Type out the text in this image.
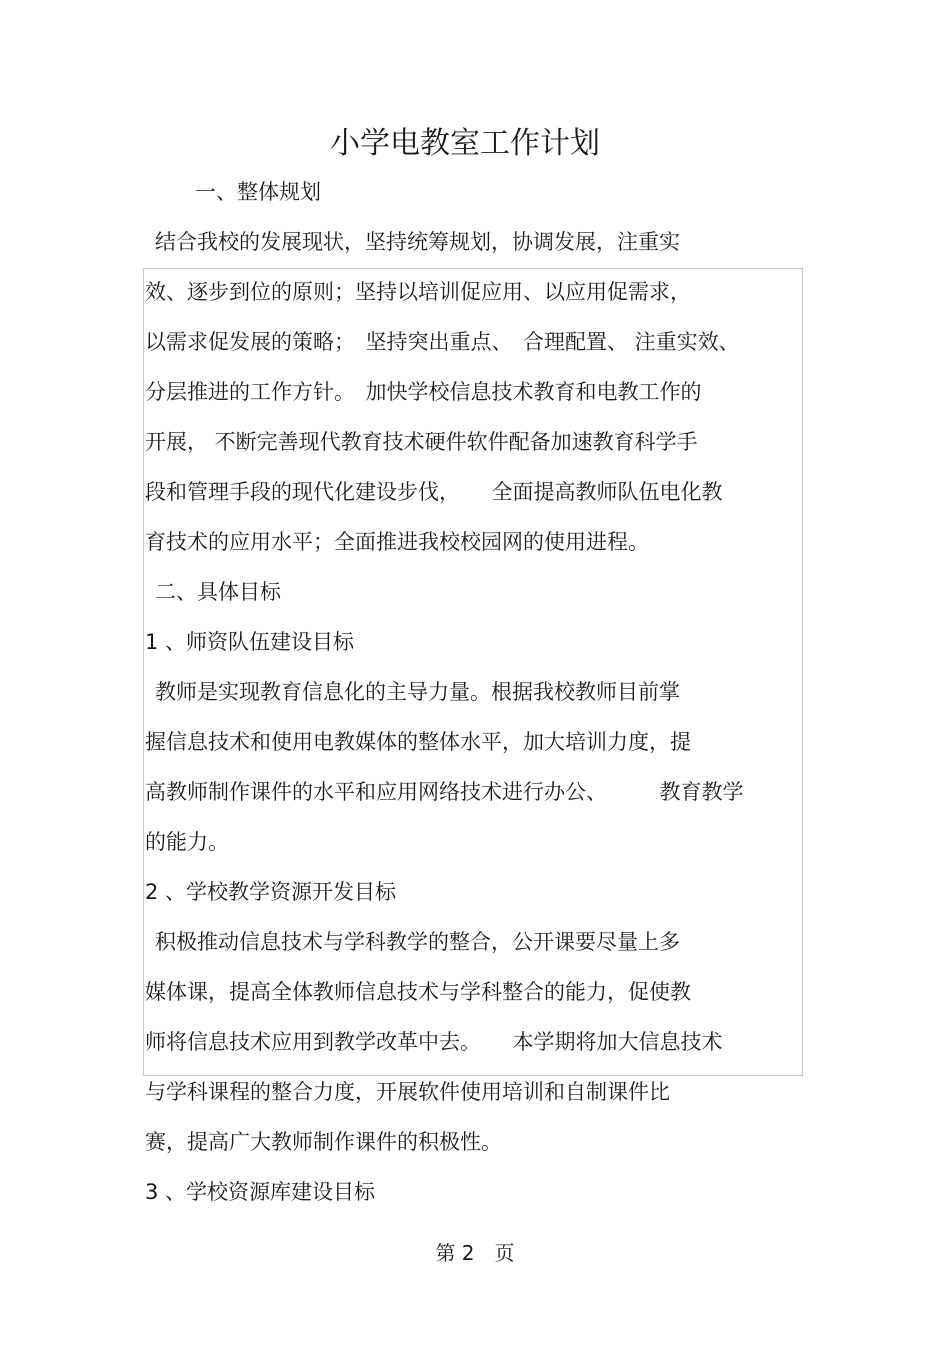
小学电教室工作计划
一、整体规划
结合我校的发展现状，坚持统筹规划，协调发展，注重实
效、逐步到位的原则；坚持以培训促应用、以应用促需求，
以需求促发展的策略；　坚持突出重点、　合理配置、 注重实效、
分层推进的工作方针。　加快学校信息技术教育和电教工作的
开展， 不断完善现代教育技术硬件软件配备加速教育科学手
段和管理手段的现代化建设步伐，　　全面提高教师队伍电化教
育技术的应用水平；全面推进我校校园网的使用进程。
二、具体目标
1 、师资队伍建设目标
教师是实现教育信息化的主导力量。根据我校教师目前掌
握信息技术和使用电教媒体的整体水平，加大培训力度，提
高教师制作课件的水平和应用网络技术进行办公、　　　教育教学
的能力。
2 、学校教学资源开发目标
积极推动信息技术与学科教学的整合，公开课要尽量上多
媒体课，提高全体教师信息技术与学科整合的能力，促使教
师将信息技术应用到教学改革中去。　　本学期将加大信息技术
与学科课程的整合力度，开展软件使用培训和自制课件比
赛，提高广大教师制作课件的积极性。
3 、学校资源库建设目标
第 2　页
